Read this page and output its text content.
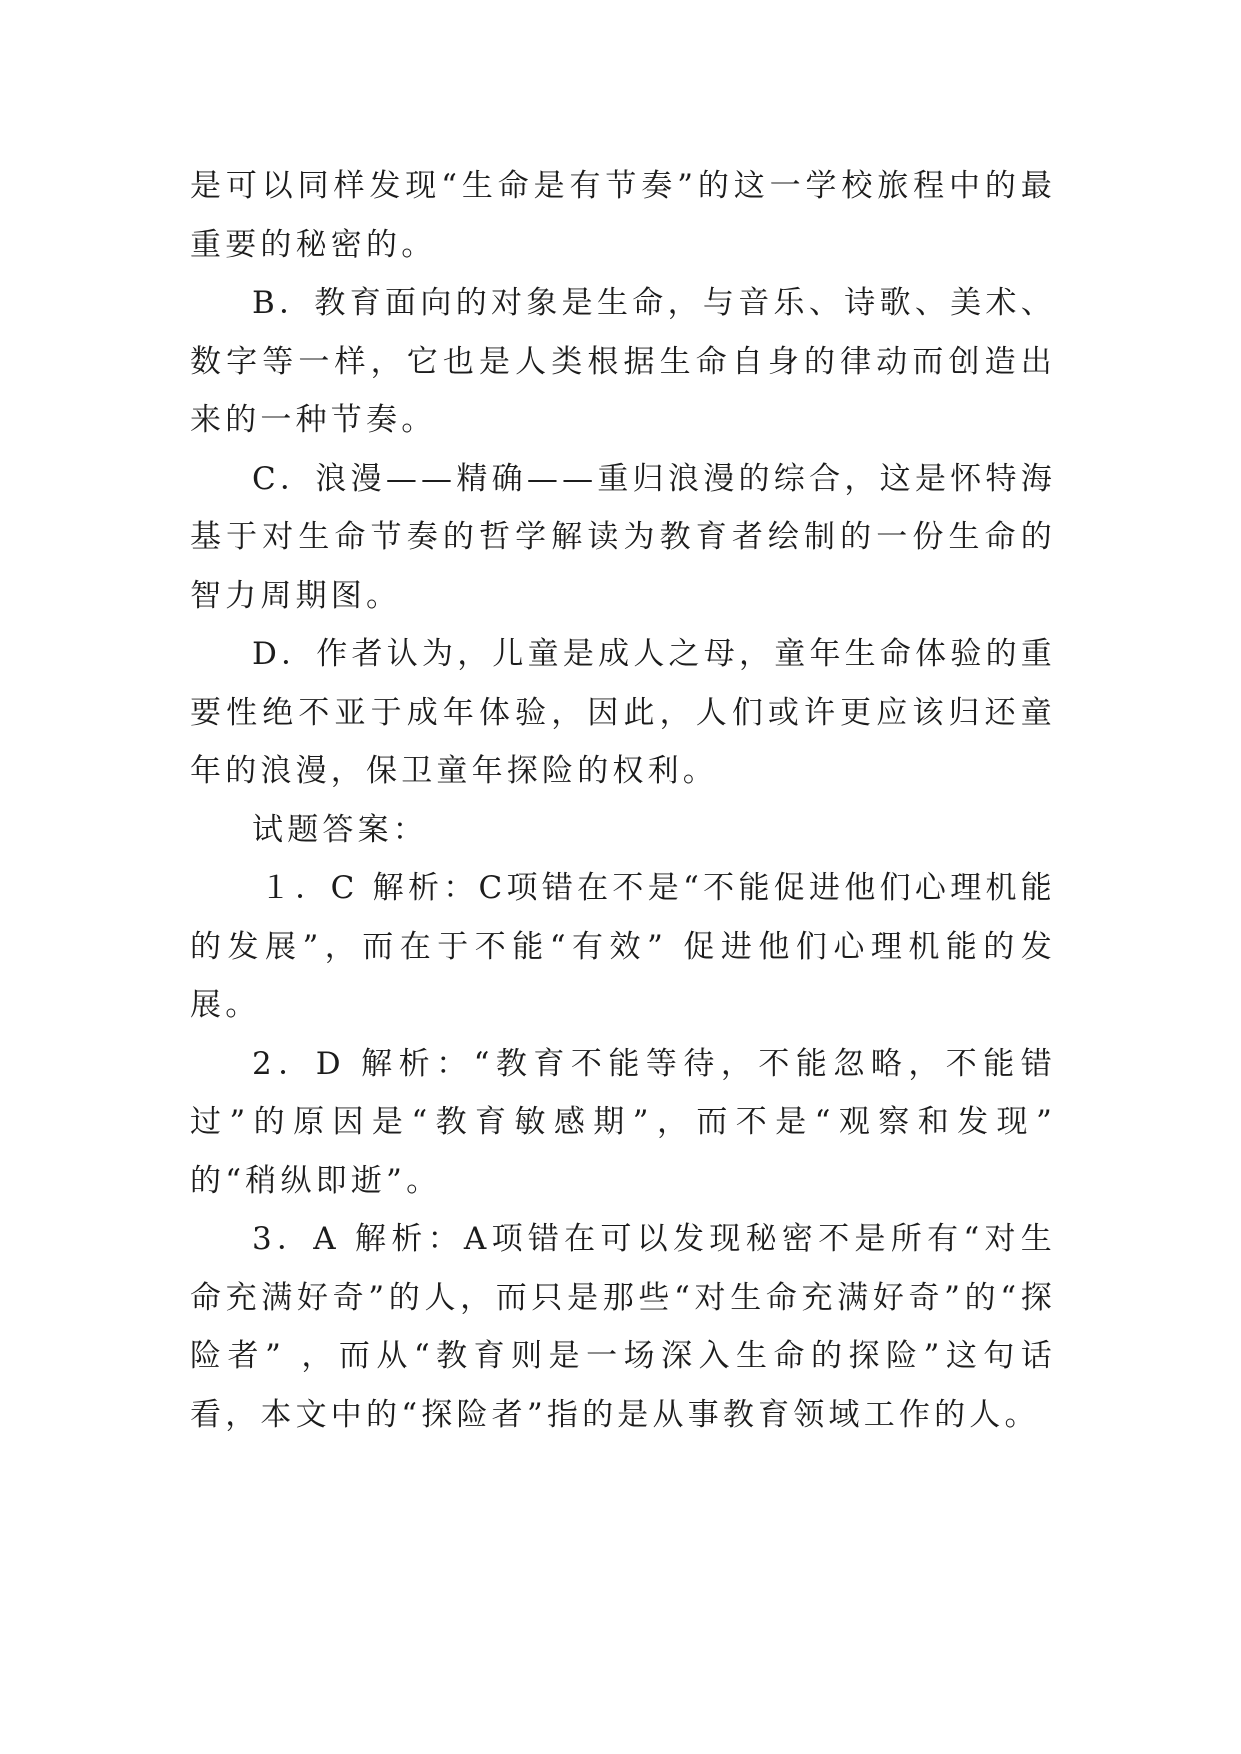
是可以同样发现“生命是有节奏”的这一学校旅程中的最重要的秘密的。

B．教育面向的对象是生命，与音乐、诗歌、美术、数字等一样，它也是人类根据生命自身的律动而创造出来的一种节奏。

C．浪漫——精确——重归浪漫的综合，这是怀特海基于对生命节奏的哲学解读为教育者绘制的一份生命的智力周期图。

D．作者认为，儿童是成人之母，童年生命体验的重要性绝不亚于成年体验，因此，人们或许更应该归还童年的浪漫，保卫童年探险的权利。

试题答案：

１．C 解析：C项错在不是“不能促进他们心理机能的发展”，而在于不能“有效” 促进他们心理机能的发展。

2．D 解析：“教育不能等待，不能忽略，不能错过”的原因是“教育敏感期”，而不是“观察和发现” 的“稍纵即逝”。

3．A 解析：A项错在可以发现秘密不是所有“对生命充满好奇”的人，而只是那些“对生命充满好奇”的“探险者” ，而从“教育则是一场深入生命的探险”这句话看，本文中的“探险者”指的是从事教育领域工作的人。
